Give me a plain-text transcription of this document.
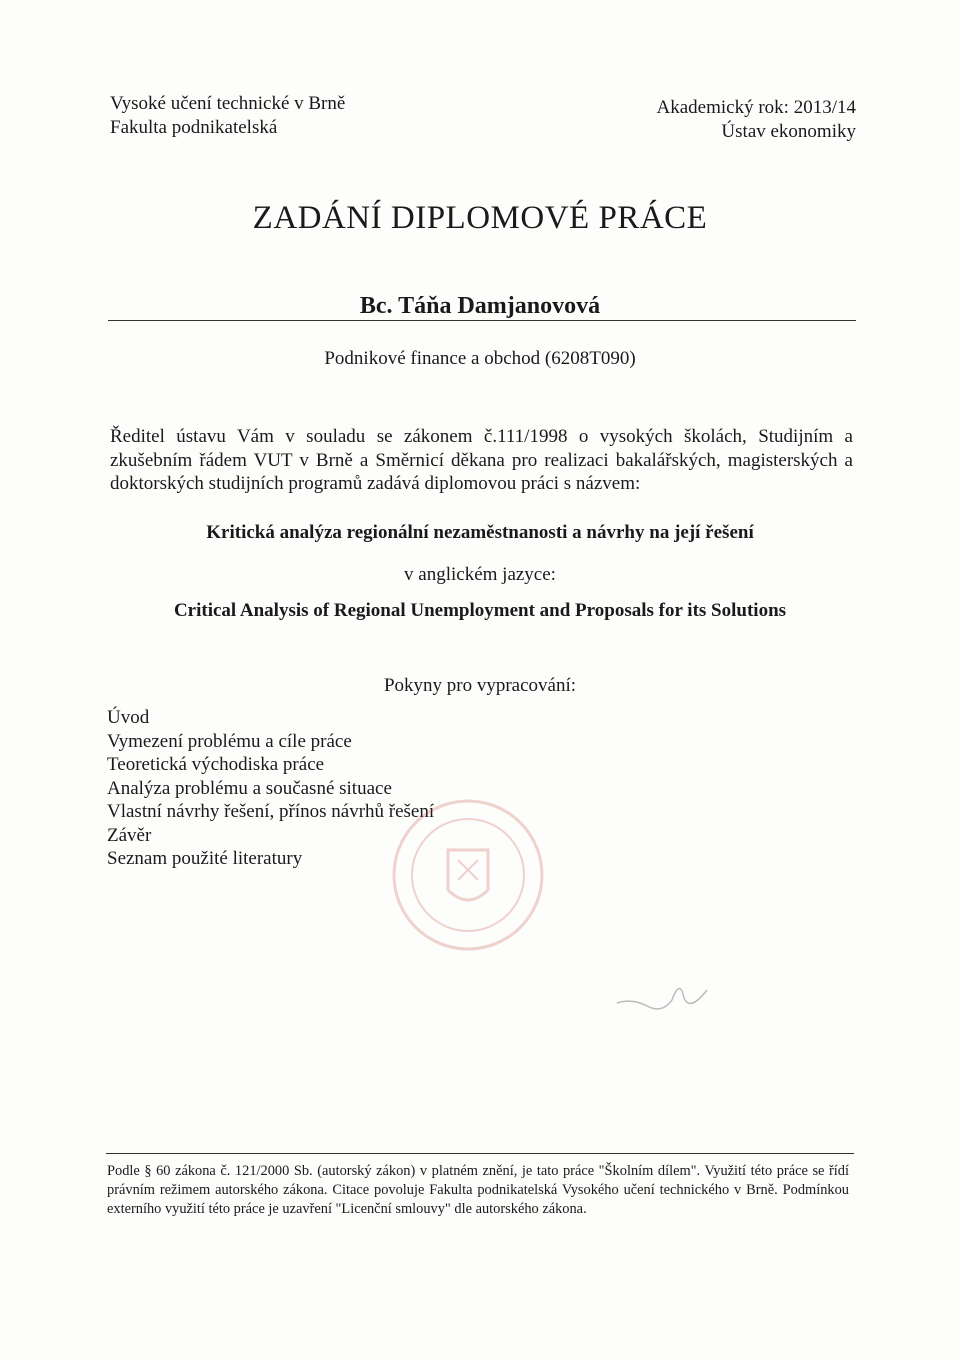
Vysoké učení technické v Brně
Fakulta podnikatelská
Akademický rok: 2013/14
Ústav ekonomiky
ZADÁNÍ DIPLOMOVÉ PRÁCE
Bc. Táňa Damjanovová
Podnikové finance a obchod (6208T090)
Ředitel ústavu Vám v souladu se zákonem č.111/1998 o vysokých školách, Studijním a zkušebním řádem VUT v Brně a Směrnicí děkana pro realizaci bakalářských, magisterských a doktorských studijních programů zadává diplomovou práci s názvem:
Kritická analýza regionální nezaměstnanosti a návrhy na její řešení
v anglickém jazyce:
Critical Analysis of Regional Unemployment and Proposals for its Solutions
Pokyny pro vypracování:
Úvod
Vymezení problému a cíle práce
Teoretická východiska práce
Analýza problému a současné situace
Vlastní návrhy řešení, přínos návrhů řešení
Závěr
Seznam použité literatury
Podle § 60 zákona č. 121/2000 Sb. (autorský zákon) v platném znění, je tato práce "Školním dílem". Využití této práce se řídí právním režimem autorského zákona. Citace povoluje Fakulta podnikatelská Vysokého učení technického v Brně. Podmínkou externího využití této práce je uzavření "Licenční smlouvy" dle autorského zákona.
